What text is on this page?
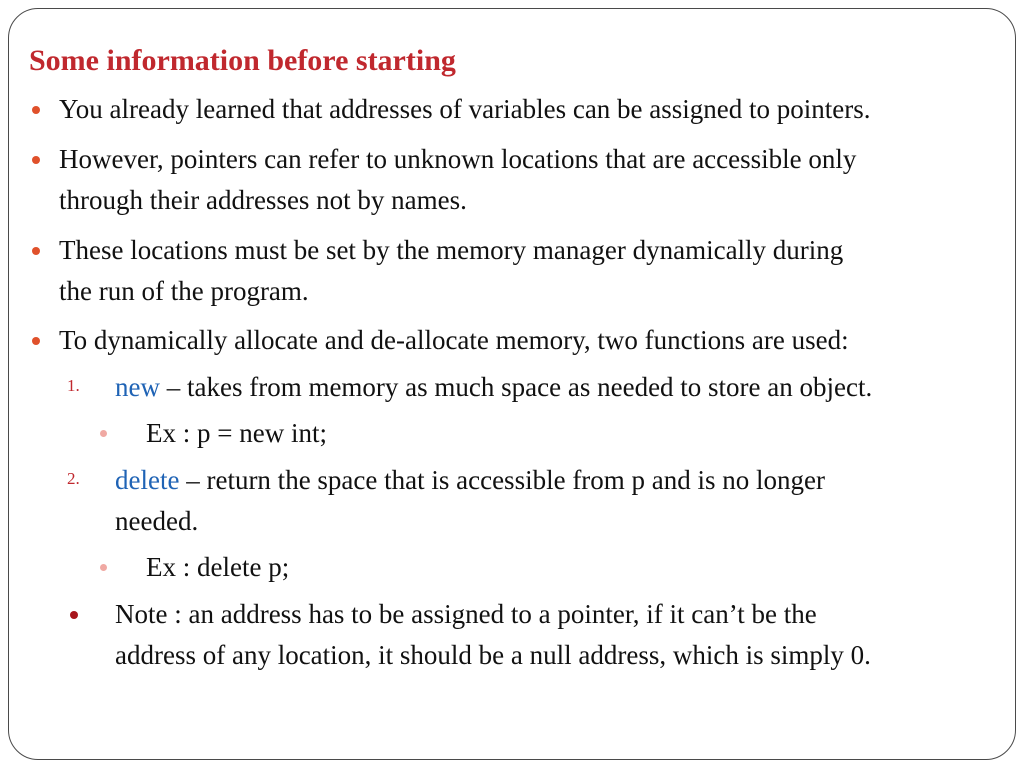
Some information before starting
You already learned that addresses of variables can be assigned to pointers.
However, pointers can refer to unknown locations that are accessible only
through their addresses not by names.
These locations must be set by the memory manager dynamically during
the run of the program.
To dynamically allocate and de-allocate memory, two functions are used:
1. new – takes from memory as much space as needed to store an object.
Ex : p = new int;
2. delete – return the space that is accessible from p and is no longer
needed.
Ex : delete p;
Note : an address has to be assigned to a pointer, if it can’t be the
address of any location, it should be a null address, which is simply 0.
